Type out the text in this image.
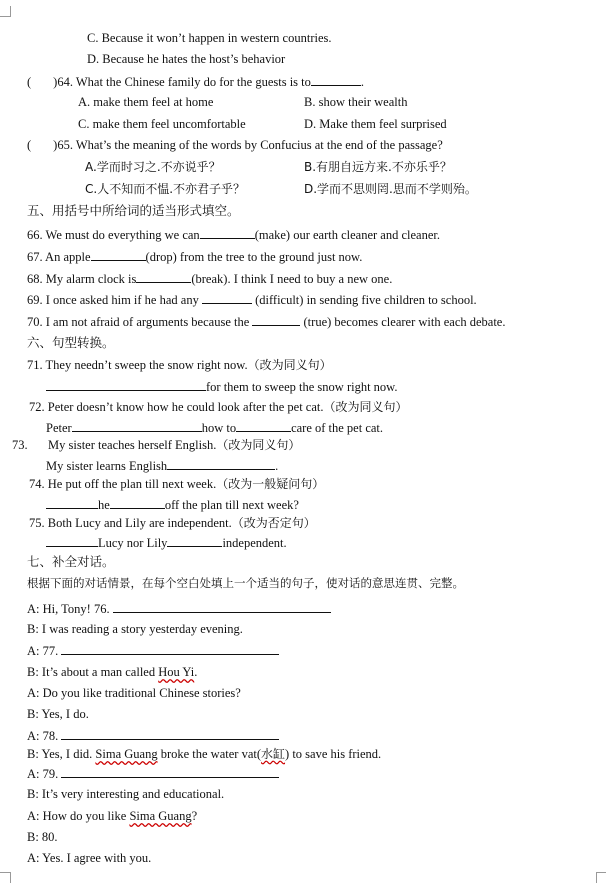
C. Because it won’t happen in western countries.
D. Because he hates the host’s behavior
( )64. What the Chinese family do for the guests is to	.
A. make them feel at home	B. show their wealth
C. make them feel uncomfortable	D. Make them feel surprised
( )65. What’s the meaning of the words by Confucius at the end of the passage?
A.学而时习之.不亦说乎？	B.有朋自远方来.不亦乐乎？
C.人不知而不愠.不亦君子乎？	D.学而不思则罔.思而不学则殆。
五、用括号中所给词的适当形式填空。
66. We must do everything we can	(make) our earth cleaner and cleaner.
67. An apple	(drop) from the tree to the ground just now.
68. My alarm clock is	(break). I think I need to buy a new one.
69. I once asked him if he had any	(difficult) in sending five children to school.
70. I am not afraid of arguments because the	(true) becomes clearer with each debate.
六、句型转换。
71. They needn’t sweep the snow right now.（改为同义句）
for them to sweep the snow right now.
72. Peter doesn’t know how he could look after the pet cat.（改为同义句）
Peter	how to	care of the pet cat.
73. My sister teaches herself English.（改为同义句）
My sister learns English	.
74. He put off the plan till next week.（改为一般疑问句）
he	off the plan till next week?
75. Both Lucy and Lily are independent.（改为否定句）
Lucy nor Lily	independent.
七、补全对话。
根据下面的对话情景，在每个空白处填上一个适当的句子，使对话的意思连贯、完整。
A: Hi, Tony! 76.
B: I was reading a story yesterday evening.
A: 77.
B: It’s about a man called Hou Yi.
A: Do you like traditional Chinese stories?
B: Yes, I do.
A: 78.
B: Yes, I did. Sima Guang broke the water vat(水缸) to save his friend.
A: 79.
B: It’s very interesting and educational.
A: How do you like Sima Guang?
B: 80.
A: Yes. I agree with you.
